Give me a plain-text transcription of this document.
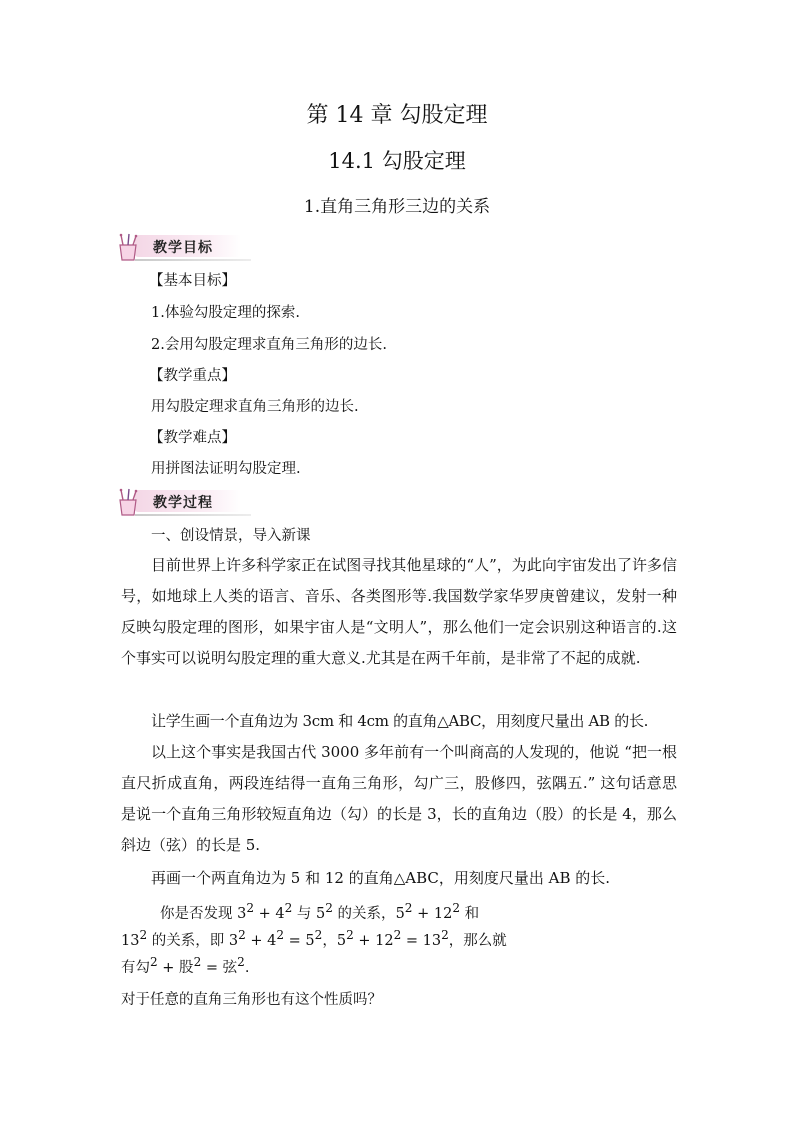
第 14 章 勾股定理
14.1 勾股定理
1.直角三角形三边的关系
教学目标
【基本目标】
1.体验勾股定理的探索.
2.会用勾股定理求直角三角形的边长.
【教学重点】
用勾股定理求直角三角形的边长.
【教学难点】
用拼图法证明勾股定理.
教学过程
一、创设情景，导入新课
目前世界上许多科学家正在试图寻找其他星球的“人”，为此向宇宙发出了许多信号，如地球上人类的语言、音乐、各类图形等.我国数学家华罗庚曾建议，发射一种反映勾股定理的图形，如果宇宙人是“文明人”，那么他们一定会识别这种语言的.这个事实可以说明勾股定理的重大意义.尤其是在两千年前，是非常了不起的成就.
让学生画一个直角边为 3cm 和 4cm 的直角△ABC，用刻度尺量出 AB 的长.
以上这个事实是我国古代 3000 多年前有一个叫商高的人发现的，他说 “把一根直尺折成直角，两段连结得一直角三角形，勾广三，股修四，弦隅五.” 这句话意思是说一个直角三角形较短直角边（勾）的长是 3，长的直角边（股）的长是 4，那么斜边（弦）的长是 5.
再画一个两直角边为 5 和 12 的直角△ABC，用刻度尺量出 AB 的长.
你是否发现 $3^2 + 4^2$ 与 $5^2$ 的关系，$5^2 + 12^2$ 和
$13^2$ 的关系，即 $3^2 + 4^2 = 5^2$，$5^2 + 12^2 = 13^2$，那么就
有勾$^2$ + 股$^2$ = 弦$^2$.
对于任意的直角三角形也有这个性质吗？
